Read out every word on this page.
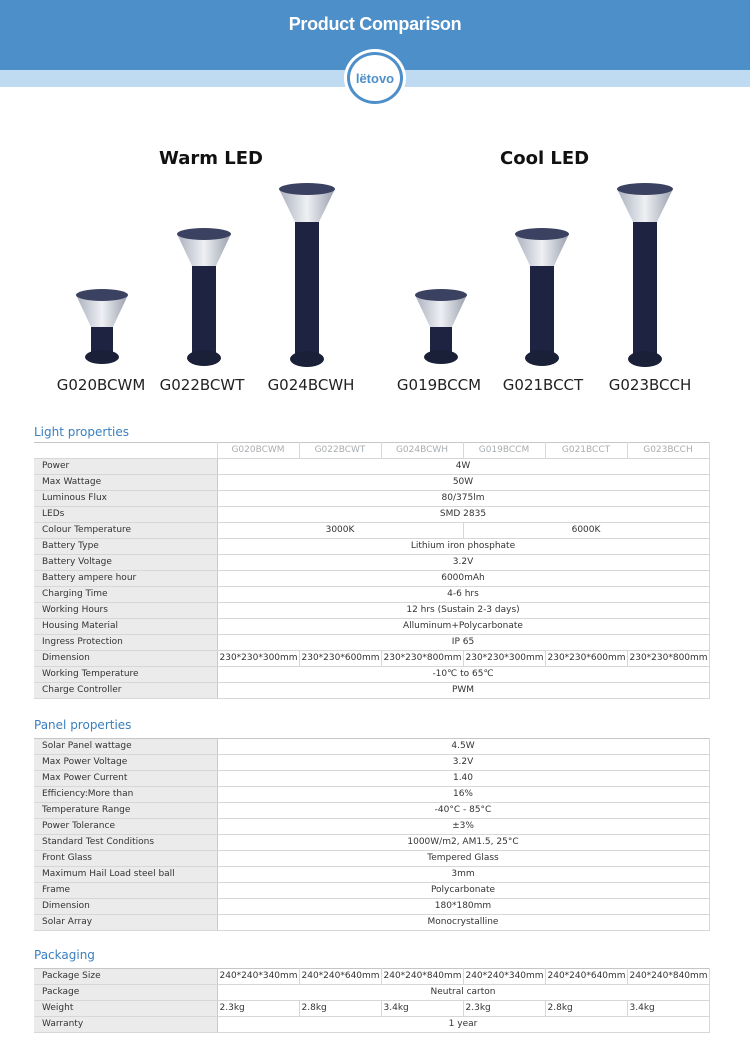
Product Comparison
lëtovo
Warm LED	Cool LED
G020BCWM G022BCWT	G024BCWH	G019BCCM	G021BCCT	G023BCCH
Light properties
	G020BCWM	G022BCWT	G024BCWH	G019BCCM	G021BCCT	G023BCCH
Power	4W					
Max Wattage	50W					
Luminous Flux	80/375lm					
LEDs	SMD 2835					
Colour Temperature	3000K			6000K		
Battery Type	Lithium iron phosphate					
Battery Voltage	3.2V					
Battery ampere hour	6000mAh					
Charging Time	4-6 hrs					
Working Hours	12 hrs (Sustain 2-3 days)					
Housing Material	Alluminum+Polycarbonate					
Ingress Protection	IP 65					
Dimension	230*230*300mm	230*230*600mm	230*230*800mm	230*230*300mm	230*230*600mm	230*230*800mm
Working Temperature	-10℃ to 65℃					
Charge Controller	PWM					
Panel properties
Solar Panel wattage	4.5W
Max Power Voltage	3.2V
Max Power Current	1.40
Efficiency:More than	16%
Temperature Range	-40°C - 85°C
Power Tolerance	±3%
Standard Test Conditions	1000W/m2, AM1.5, 25°C
Front Glass	Tempered Glass
Maximum Hail Load steel ball	3mm
Frame	Polycarbonate
Dimension	180*180mm
Solar Array	Monocrystalline
Packaging
Package Size	240*240*340mm	240*240*640mm	240*240*840mm	240*240*340mm	240*240*640mm	240*240*840mm
Package	Neutral carton					
Weight	2.3kg	2.8kg	3.4kg	2.3kg	2.8kg	3.4kg
Warranty	1 year					
